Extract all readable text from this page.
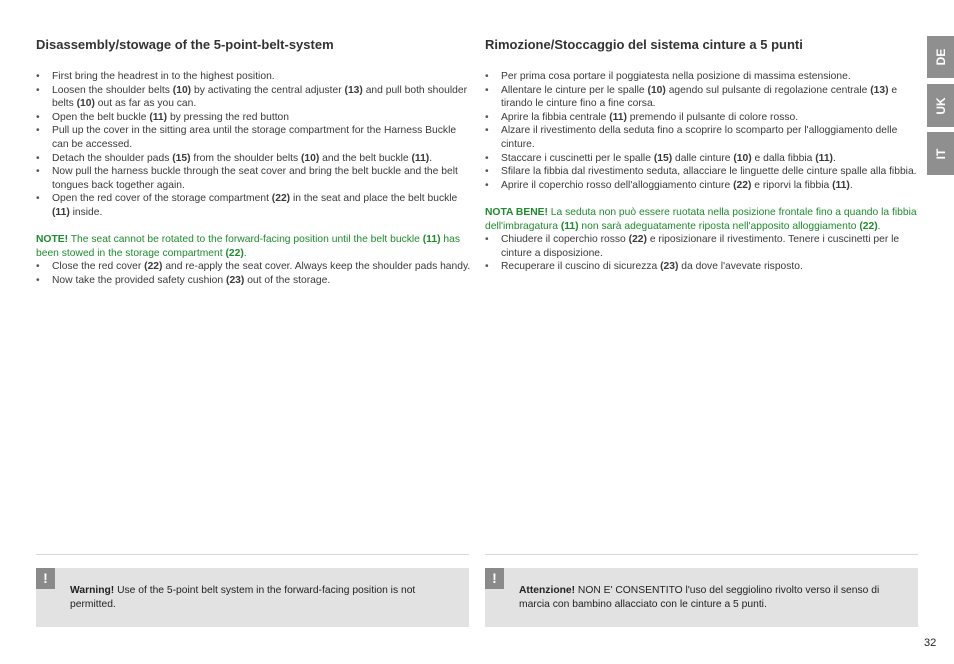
Disassembly/stowage of the 5-point-belt-system
• First bring the headrest in to the highest position.
• Loosen the shoulder belts (10) by activating the central adjuster (13) and pull both shoulder belts (10) out as far as you can.
• Open the belt buckle (11) by pressing the red button
• Pull up the cover in the sitting area until the storage compartment for the Harness Buckle can be accessed.
• Detach the shoulder pads (15) from the shoulder belts (10) and the belt buckle (11).
• Now pull the harness buckle through the seat cover and bring the belt buckle and the belt tongues back together again.
• Open the red cover of the storage compartment (22) in the seat and place the belt buckle (11) inside.
NOTE! The seat cannot be rotated to the forward-facing position until the belt buckle (11) has been stowed in the storage compartment (22).
• Close the red cover (22) and re-apply the seat cover. Always keep the shoulder pads handy.
• Now take the provided safety cushion (23) out of the storage.
Rimozione/Stoccaggio del sistema cinture a 5 punti
• Per prima cosa portare il poggiatesta nella posizione di massima estensione.
• Allentare le cinture per le spalle (10) agendo sul pulsante di regolazione centrale (13) e tirando le cinture fino a fine corsa.
• Aprire la fibbia centrale (11) premendo il pulsante di colore rosso.
• Alzare il rivestimento della seduta fino a scoprire lo scomparto per l'alloggiamento delle cinture.
• Staccare i cuscinetti per le spalle (15) dalle cinture (10) e dalla fibbia (11).
• Sfilare la fibbia dal rivestimento seduta, allacciare le linguette delle cinture spalle alla fibbia.
• Aprire il coperchio rosso dell'alloggiamento cinture (22) e riporvi la fibbia (11).
NOTA BENE! La seduta non può essere ruotata nella posizione frontale fino a quando la fibbia dell'imbragatura (11) non sarà adeguatamente riposta nell'apposito alloggiamento (22).
• Chiudere il coperchio rosso (22) e riposizionare il rivestimento. Tenere i cuscinetti per le cinture a disposizione.
• Recuperare il cuscino di sicurezza (23) da dove l'avevate risposto.
!
Warning! Use of the 5-point belt system in the forward-facing position is not permitted.
!
Attenzione! NON E' CONSENTITO l'uso del seggiolino rivolto verso il senso di marcia con bambino allacciato con le cinture a 5 punti.
DE
UK
IT
32
